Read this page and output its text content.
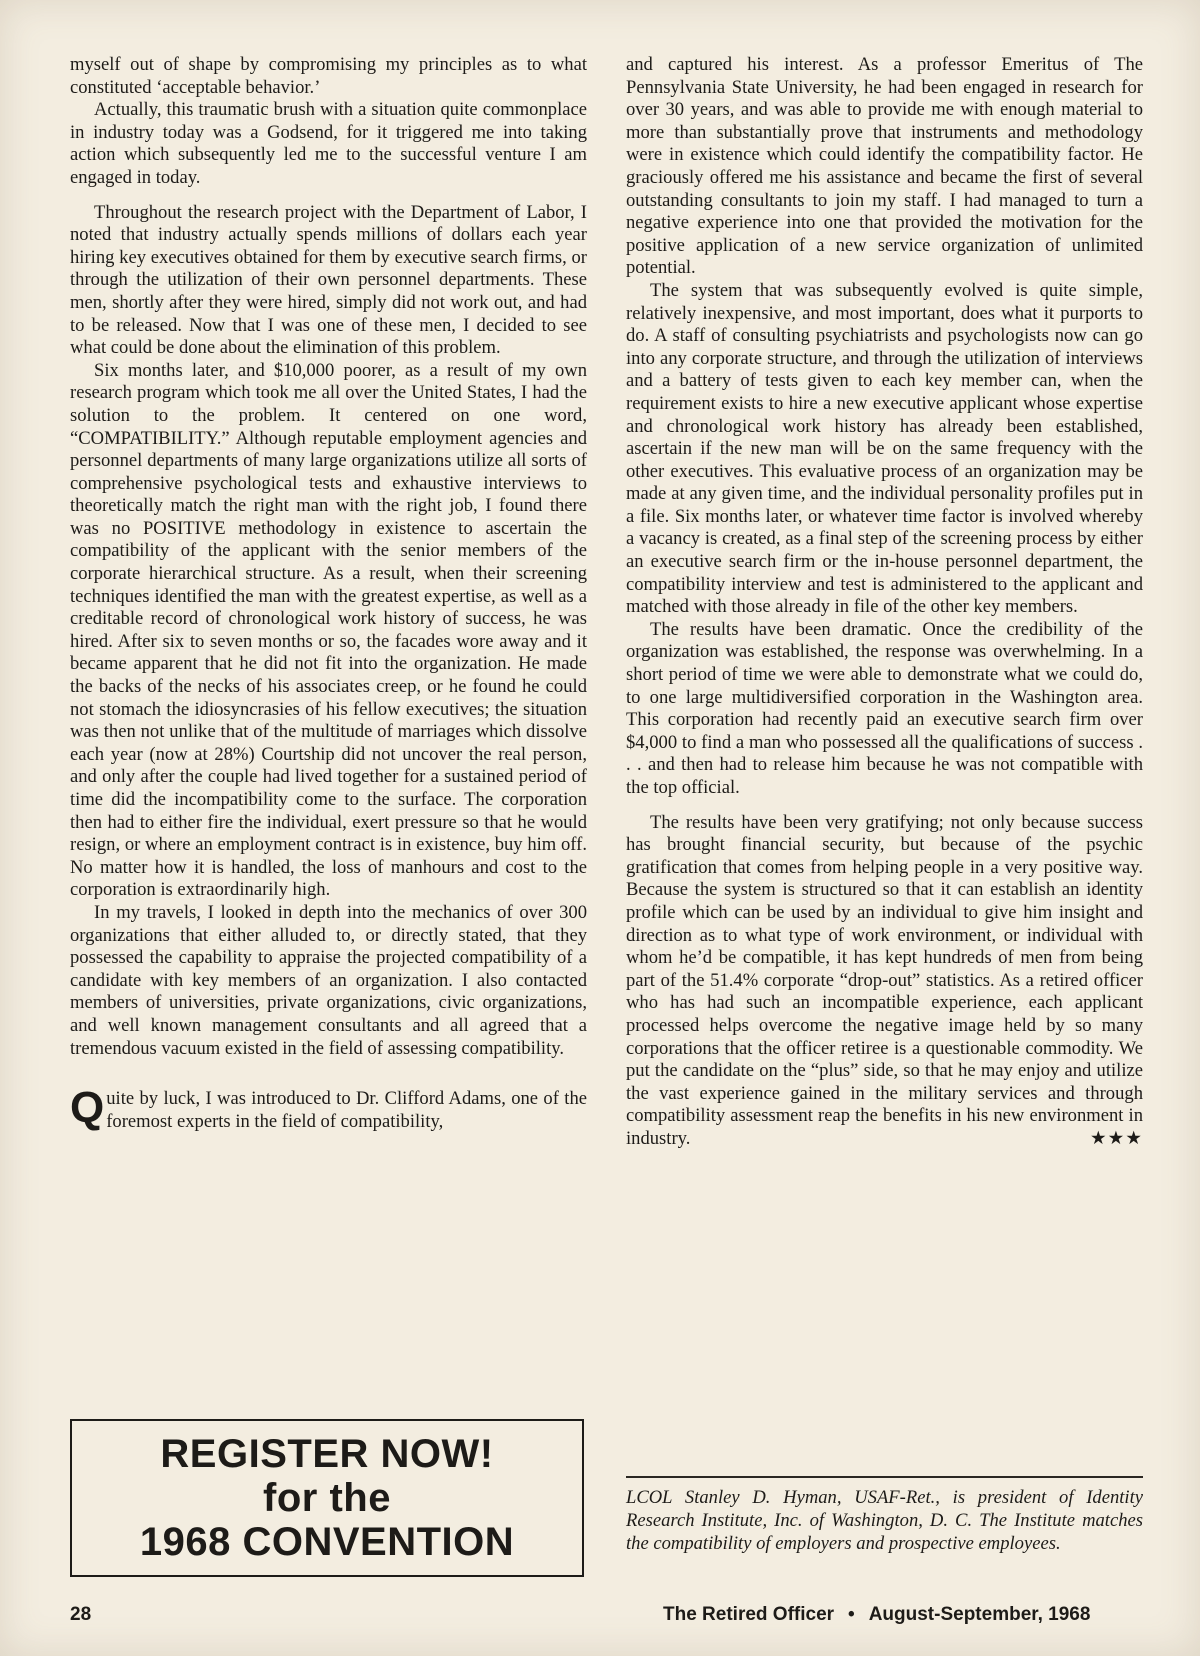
myself out of shape by compromising my principles as to what constituted ‘acceptable behavior.’

Actually, this traumatic brush with a situation quite commonplace in industry today was a Godsend, for it triggered me into taking action which subsequently led me to the successful venture I am engaged in today.

Throughout the research project with the Department of Labor, I noted that industry actually spends millions of dollars each year hiring key executives obtained for them by executive search firms, or through the utilization of their own personnel departments. These men, shortly after they were hired, simply did not work out, and had to be released. Now that I was one of these men, I decided to see what could be done about the elimination of this problem.

Six months later, and $10,000 poorer, as a result of my own research program which took me all over the United States, I had the solution to the problem. It centered on one word, “COMPATIBILITY.” Although reputable employment agencies and personnel departments of many large organizations utilize all sorts of comprehensive psychological tests and exhaustive interviews to theoretically match the right man with the right job, I found there was no POSITIVE methodology in existence to ascertain the compatibility of the applicant with the senior members of the corporate hierarchical structure. As a result, when their screening techniques identified the man with the greatest expertise, as well as a creditable record of chronological work history of success, he was hired. After six to seven months or so, the facades wore away and it became apparent that he did not fit into the organization. He made the backs of the necks of his associates creep, or he found he could not stomach the idiosyncrasies of his fellow executives; the situation was then not unlike that of the multitude of marriages which dissolve each year (now at 28%) Courtship did not uncover the real person, and only after the couple had lived together for a sustained period of time did the incompatibility come to the surface. The corporation then had to either fire the individual, exert pressure so that he would resign, or where an employment contract is in existence, buy him off. No matter how it is handled, the loss of manhours and cost to the corporation is extraordinarily high.

In my travels, I looked in depth into the mechanics of over 300 organizations that either alluded to, or directly stated, that they possessed the capability to appraise the projected compatibility of a candidate with key members of an organization. I also contacted members of universities, private organizations, civic organizations, and well known management consultants and all agreed that a tremendous vacuum existed in the field of assessing compatibility.

Quite by luck, I was introduced to Dr. Clifford Adams, one of the foremost experts in the field of compatibility,

REGISTER NOW!
for the
1968 CONVENTION

and captured his interest. As a professor Emeritus of The Pennsylvania State University, he had been engaged in research for over 30 years, and was able to provide me with enough material to more than substantially prove that instruments and methodology were in existence which could identify the compatibility factor. He graciously offered me his assistance and became the first of several outstanding consultants to join my staff. I had managed to turn a negative experience into one that provided the motivation for the positive application of a new service organization of unlimited potential.

The system that was subsequently evolved is quite simple, relatively inexpensive, and most important, does what it purports to do. A staff of consulting psychiatrists and psychologists now can go into any corporate structure, and through the utilization of interviews and a battery of tests given to each key member can, when the requirement exists to hire a new executive applicant whose expertise and chronological work history has already been established, ascertain if the new man will be on the same frequency with the other executives. This evaluative process of an organization may be made at any given time, and the individual personality profiles put in a file. Six months later, or whatever time factor is involved whereby a vacancy is created, as a final step of the screening process by either an executive search firm or the in-house personnel department, the compatibility interview and test is administered to the applicant and matched with those already in file of the other key members.

The results have been dramatic. Once the credibility of the organization was established, the response was overwhelming. In a short period of time we were able to demonstrate what we could do, to one large multidiversified corporation in the Washington area. This corporation had recently paid an executive search firm over $4,000 to find a man who possessed all the qualifications of success . . . and then had to release him because he was not compatible with the top official.

The results have been very gratifying; not only because success has brought financial security, but because of the psychic gratification that comes from helping people in a very positive way. Because the system is structured so that it can establish an identity profile which can be used by an individual to give him insight and direction as to what type of work environment, or individual with whom he’d be compatible, it has kept hundreds of men from being part of the 51.4% corporate “drop-out” statistics. As a retired officer who has had such an incompatible experience, each applicant processed helps overcome the negative image held by so many corporations that the officer retiree is a questionable commodity. We put the candidate on the “plus” side, so that he may enjoy and utilize the vast experience gained in the military services and through compatibility assessment reap the benefits in his new environment in industry.	★★★

LCOL Stanley D. Hyman, USAF-Ret., is president of Identity Research Institute, Inc. of Washington, D. C. The Institute matches the compatibility of employers and prospective employees.
28	The Retired Officer • August-September, 1968
